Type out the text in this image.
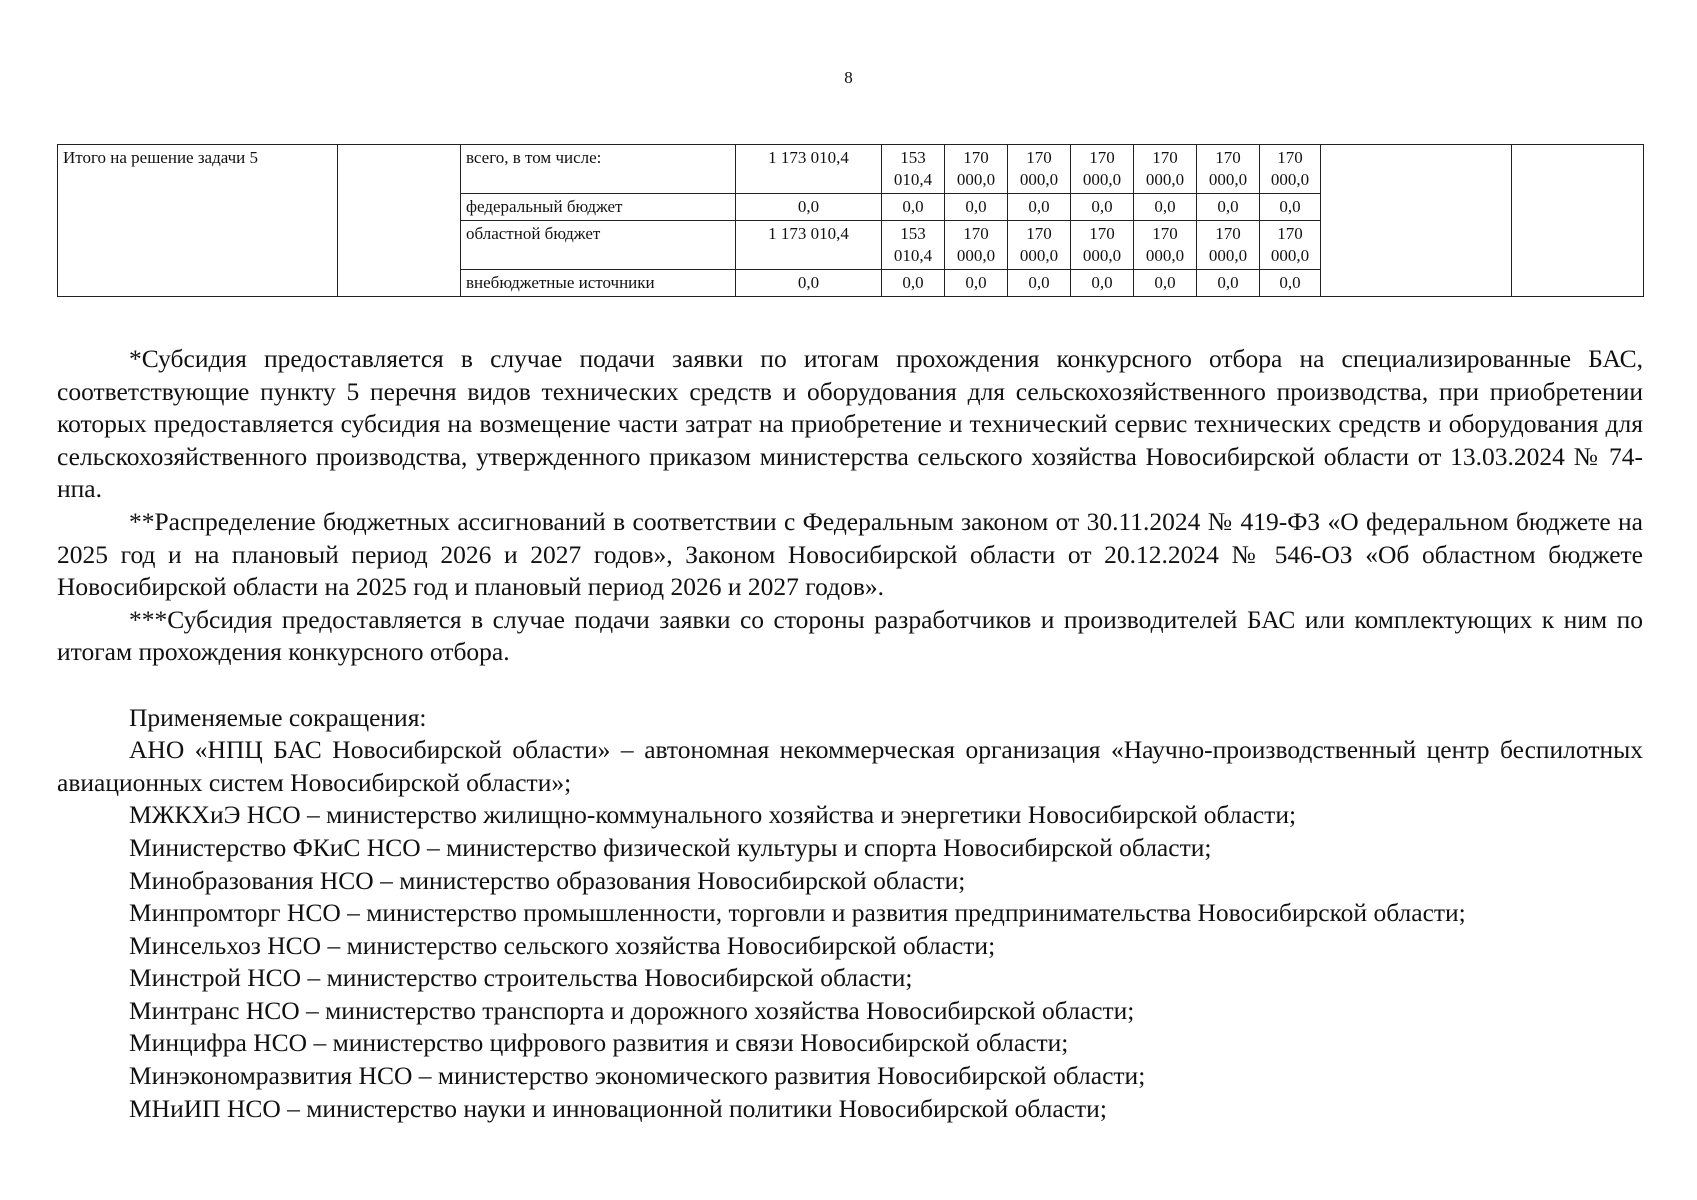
8
Итого на решение задачи 5		всего, в том числе:	1 173 010,4	153 010,4	170 000,0	170 000,0	170 000,0	170 000,0	170 000,0	170 000,0		
		федеральный бюджет	0,0	0,0	0,0	0,0	0,0	0,0	0,0	0,0		
		областной бюджет	1 173 010,4	153 010,4	170 000,0	170 000,0	170 000,0	170 000,0	170 000,0	170 000,0		
		внебюджетные источники	0,0	0,0	0,0	0,0	0,0	0,0	0,0	0,0		

*Субсидия предоставляется в случае подачи заявки по итогам прохождения конкурсного отбора на специализированные БАС, соответствующие пункту 5 перечня видов технических средств и оборудования для сельскохозяйственного производства, при приобретении которых предоставляется субсидия на возмещение части затрат на приобретение и технический сервис технических средств и оборудования для сельскохозяйственного производства, утвержденного приказом министерства сельского хозяйства Новосибирской области от 13.03.2024 № 74-нпа.

**Распределение бюджетных ассигнований в соответствии с Федеральным законом от 30.11.2024 № 419-ФЗ «О федеральном бюджете на 2025 год и на плановый период 2026 и 2027 годов», Законом Новосибирской области от 20.12.2024 № 546-ОЗ «Об областном бюджете Новосибирской области на 2025 год и плановый период 2026 и 2027 годов».

***Субсидия предоставляется в случае подачи заявки со стороны разработчиков и производителей БАС или комплектующих к ним по итогам прохождения конкурсного отбора.

Применяемые сокращения:

АНО «НПЦ БАС Новосибирской области» – автономная некоммерческая организация «Научно-производственный центр беспилотных авиационных систем Новосибирской области»;

МЖКХиЭ НСО – министерство жилищно-коммунального хозяйства и энергетики Новосибирской области;

Министерство ФКиС НСО – министерство физической культуры и спорта Новосибирской области;

Минобразования НСО – министерство образования Новосибирской области;

Минпромторг НСО – министерство промышленности, торговли и развития предпринимательства Новосибирской области;

Минсельхоз НСО – министерство сельского хозяйства Новосибирской области;

Минстрой НСО – министерство строительства Новосибирской области;

Минтранс НСО – министерство транспорта и дорожного хозяйства Новосибирской области;

Минцифра НСО – министерство цифрового развития и связи Новосибирской области;

Минэкономразвития НСО – министерство экономического развития Новосибирской области;

МНиИП НСО – министерство науки и инновационной политики Новосибирской области;
